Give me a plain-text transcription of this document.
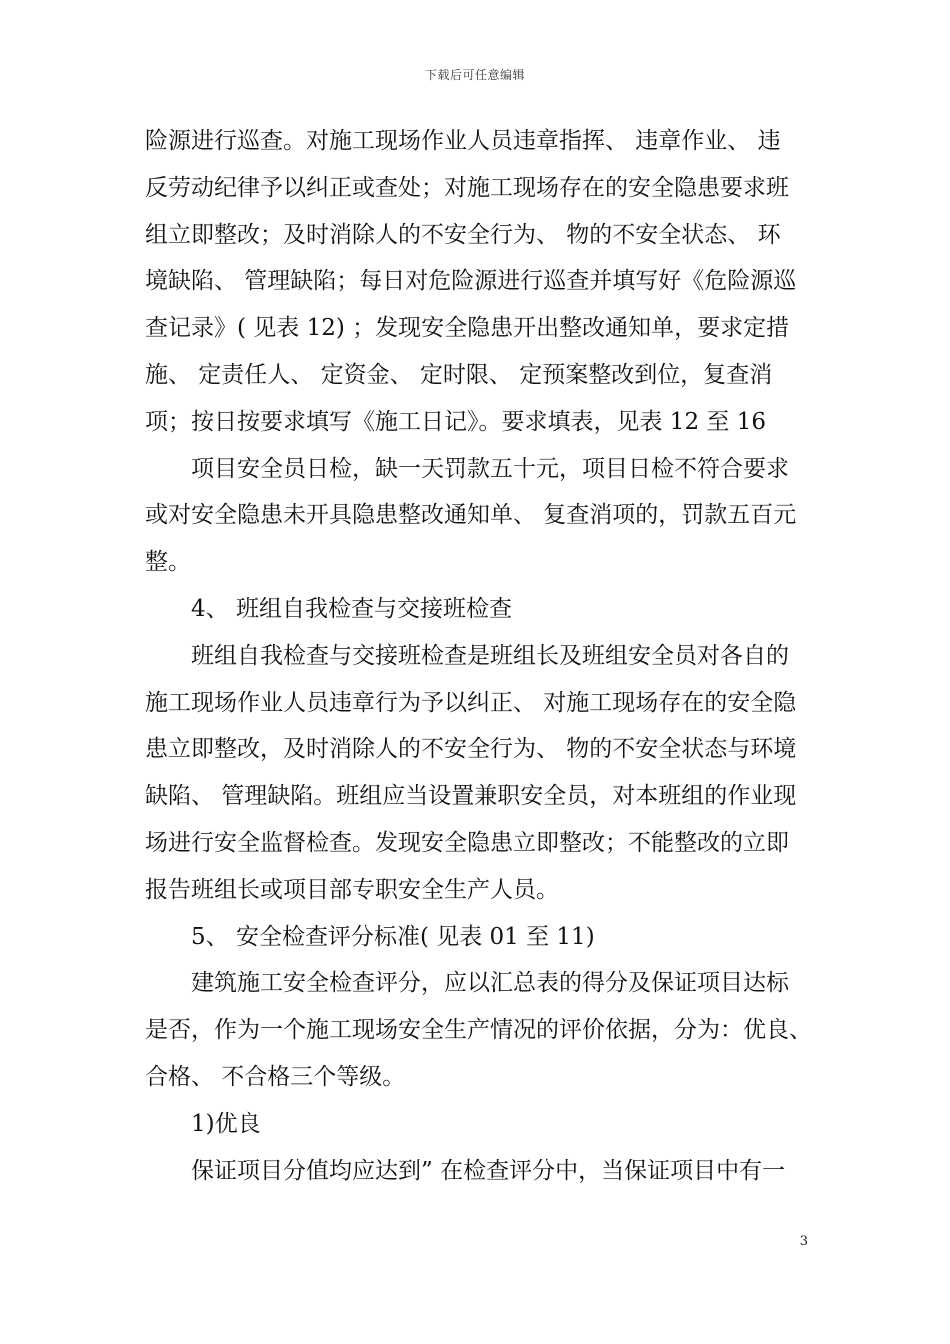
下载后可任意编辑
险源进行巡查。对施工现场作业人员违章指挥、 违章作业、 违
反劳动纪律予以纠正或查处；对施工现场存在的安全隐患要求班
组立即整改；及时消除人的不安全行为、 物的不安全状态、 环
境缺陷、 管理缺陷；每日对危险源进行巡查并填写好《危险源巡
查记录》( 见表 12) ；发现安全隐患开出整改通知单，要求定措
施、 定责任人、 定资金、 定时限、 定预案整改到位，复查消
项；按日按要求填写《施工日记》。要求填表，见表 12 至 16
项目安全员日检，缺一天罚款五十元，项目日检不符合要求
或对安全隐患未开具隐患整改通知单、 复查消项的，罚款五百元
整。
4、 班组自我检查与交接班检查
班组自我检查与交接班检查是班组长及班组安全员对各自的
施工现场作业人员违章行为予以纠正、 对施工现场存在的安全隐
患立即整改，及时消除人的不安全行为、 物的不安全状态与环境
缺陷、 管理缺陷。班组应当设置兼职安全员，对本班组的作业现
场进行安全监督检查。发现安全隐患立即整改；不能整改的立即
报告班组长或项目部专职安全生产人员。
5、 安全检查评分标准( 见表 01 至 11)
建筑施工安全检查评分，应以汇总表的得分及保证项目达标
是否，作为一个施工现场安全生产情况的评价依据，分为：优良、
合格、 不合格三个等级。
1)优良
保证项目分值均应达到” 在检查评分中，当保证项目中有一
3
